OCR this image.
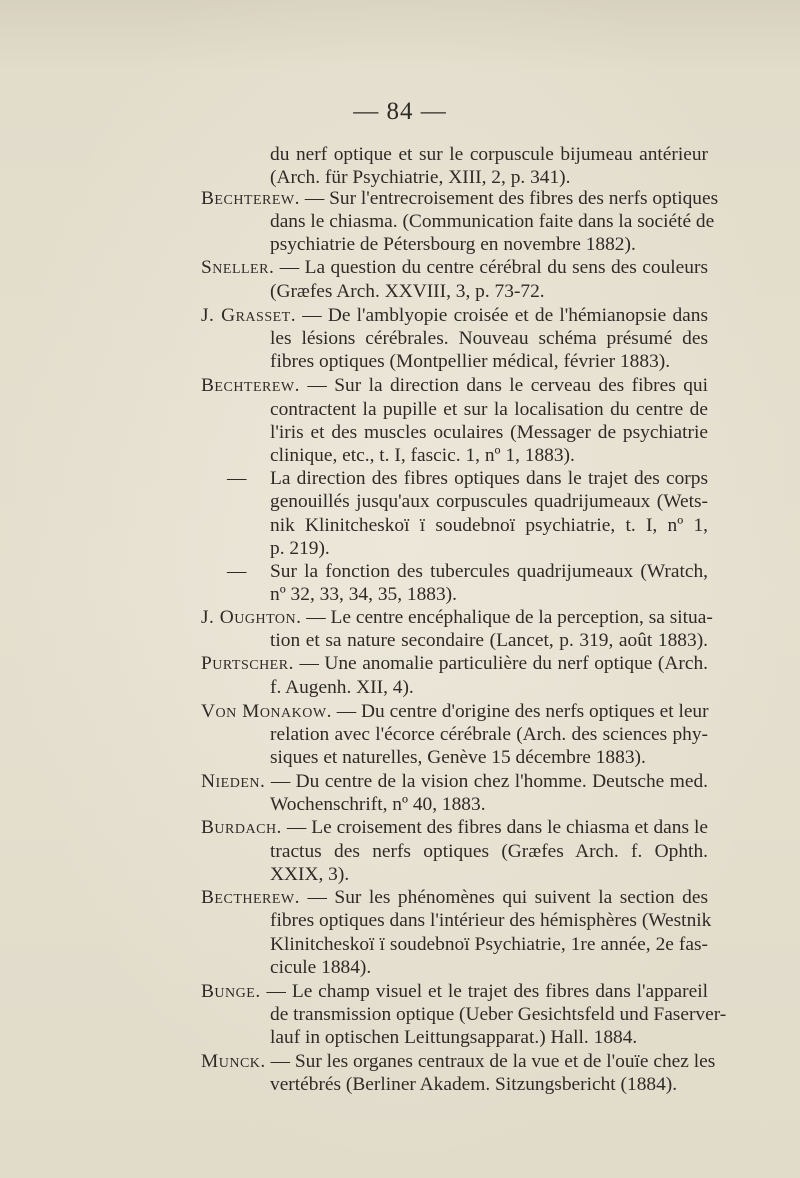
— 84 —
du nerf optique et sur le corpuscule bijumeau antérieur
(Arch. für Psychiatrie, XIII, 2, p. 341).
Bechterew. — Sur l'entrecroisement des fibres des nerfs optiques
dans le chiasma. (Communication faite dans la société de
psychiatrie de Pétersbourg en novembre 1882).
Sneller. — La question du centre cérébral du sens des couleurs
(Græfes Arch. XXVIII, 3, p. 73-72.
J. Grasset. — De l'amblyopie croisée et de l'hémianopsie dans
les lésions cérébrales. Nouveau schéma présumé des
fibres optiques (Montpellier médical, février 1883).
Bechterew. — Sur la direction dans le cerveau des fibres qui
contractent la pupille et sur la localisation du centre de
l'iris et des muscles oculaires (Messager de psychiatrie
clinique, etc., t. I, fascic. 1, nº 1, 1883).
— La direction des fibres optiques dans le trajet des corps
genouillés jusqu'aux corpuscules quadrijumeaux (Wets-
nik Klinitcheskoï ï soudebnoï psychiatrie, t. I, nº 1,
p. 219).
— Sur la fonction des tubercules quadrijumeaux (Wratch,
nº 32, 33, 34, 35, 1883).
J. Oughton. — Le centre encéphalique de la perception, sa situa-
tion et sa nature secondaire (Lancet, p. 319, août 1883).
Purtscher. — Une anomalie particulière du nerf optique (Arch.
f. Augenh. XII, 4).
Von Monakow. — Du centre d'origine des nerfs optiques et leur
relation avec l'écorce cérébrale (Arch. des sciences phy-
siques et naturelles, Genève 15 décembre 1883).
Nieden. — Du centre de la vision chez l'homme. Deutsche med.
Wochenschrift, nº 40, 1883.
Burdach. — Le croisement des fibres dans le chiasma et dans le
tractus des nerfs optiques (Græfes Arch. f. Ophth.
XXIX, 3).
Bectherew. — Sur les phénomènes qui suivent la section des
fibres optiques dans l'intérieur des hémisphères (Westnik
Klinitcheskoï ï soudebnoï Psychiatrie, 1re année, 2e fas-
cicule 1884).
Bunge. — Le champ visuel et le trajet des fibres dans l'appareil
de transmission optique (Ueber Gesichtsfeld und Faserver-
lauf in optischen Leittungsapparat.) Hall. 1884.
Munck. — Sur les organes centraux de la vue et de l'ouïe chez les
vertébrés (Berliner Akadem. Sitzungsbericht (1884).
